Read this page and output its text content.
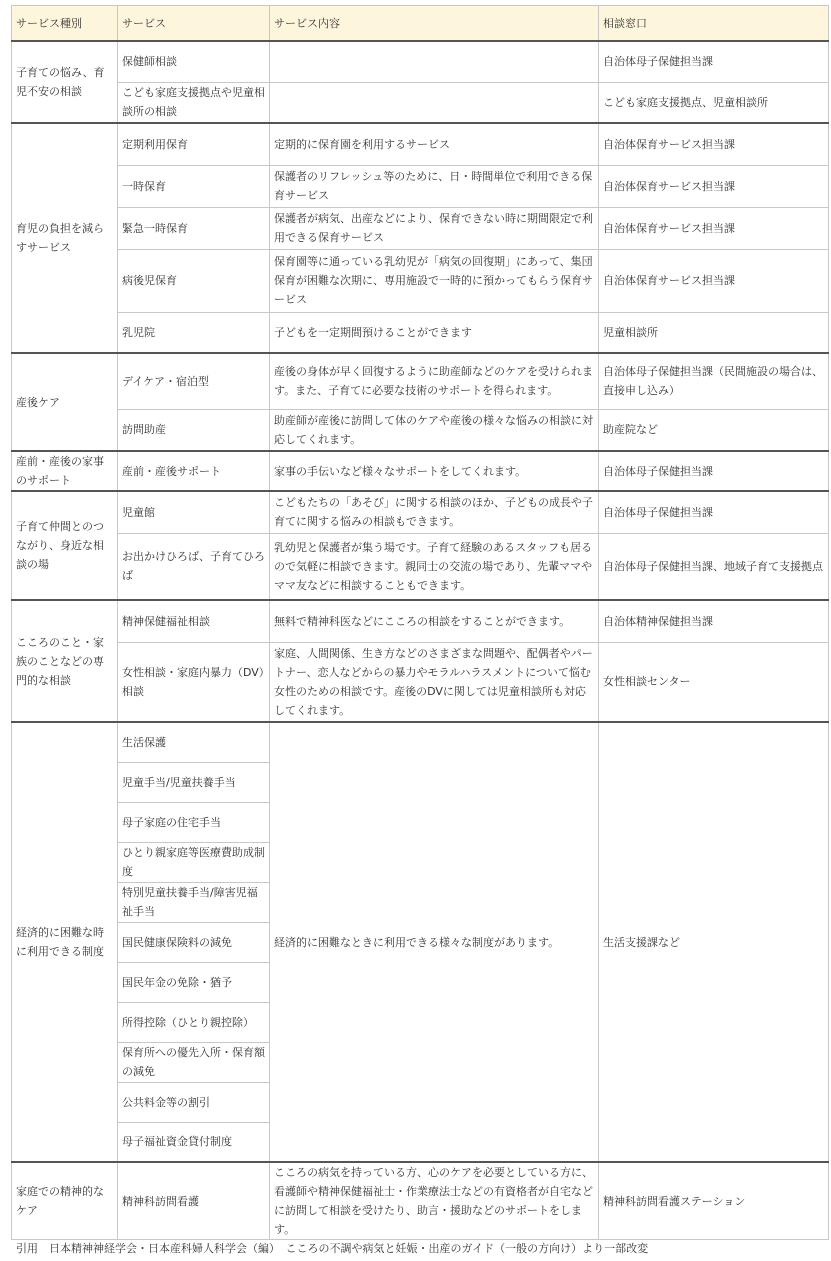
サービス種別	サービス	サービス内容	相談窓口
子育ての悩み、育児不安の相談	保健師相談		自治体母子保健担当課
	こども家庭支援拠点や児童相談所の相談		こども家庭支援拠点、児童相談所
育児の負担を減らすサービス	定期利用保育	定期的に保育園を利用するサービス	自治体保育サービス担当課
	一時保育	保護者のリフレッシュ等のために、日・時間単位で利用できる保育サービス	自治体保育サービス担当課
	緊急一時保育	保護者が病気、出産などにより、保育できない時に期間限定で利用できる保育サービス	自治体保育サービス担当課
	病後児保育	保育園等に通っている乳幼児が「病気の回復期」にあって、集団保育が困難な次期に、専用施設で一時的に預かってもらう保育サービス	自治体保育サービス担当課
	乳児院	子どもを一定期間預けることができます	児童相談所
産後ケア	デイケア・宿泊型	産後の身体が早く回復するように助産師などのケアを受けられます。また、子育てに必要な技術のサポートを得られます。	自治体母子保健担当課（民間施設の場合は、直接申し込み）
	訪問助産	助産師が産後に訪問して体のケアや産後の様々な悩みの相談に対応してくれます。	助産院など
産前・産後の家事のサポート	産前・産後サポート	家事の手伝いなど様々なサポートをしてくれます。	自治体母子保健担当課
子育て仲間とのつながり、身近な相談の場	児童館	こどもたちの「あそび」に関する相談のほか、子どもの成長や子育てに関する悩みの相談もできます。	自治体母子保健担当課
	お出かけひろば、子育てひろば	乳幼児と保護者が集う場です。子育て経験のあるスタッフも居るので気軽に相談できます。親同士の交流の場であり、先輩ママやママ友などに相談することもできます。	自治体母子保健担当課、地域子育て支援拠点
こころのこと・家族のことなどの専門的な相談	精神保健福祉相談	無料で精神科医などにこころの相談をすることができます。	自治体精神保健担当課
	女性相談・家庭内暴力（DV）相談	家庭、人間関係、生き方などのさまざまな問題や、配偶者やパートナー、恋人などからの暴力やモラルハラスメントについて悩む女性のための相談です。産後のDVに関しては児童相談所も対応してくれます。	女性相談センター
経済的に困難な時に利用できる制度	生活保護	経済的に困難なときに利用できる様々な制度があります。	生活支援課など
	児童手当/児童扶養手当		
	母子家庭の住宅手当		
	ひとり親家庭等医療費助成制度		
	特別児童扶養手当/障害児福祉手当		
	国民健康保険料の減免		
	国民年金の免除・猶予		
	所得控除（ひとり親控除）		
	保育所への優先入所・保育額の減免		
	公共料金等の割引		
	母子福祉資金貸付制度		
家庭での精神的なケア	精神科訪問看護	こころの病気を持っている方、心のケアを必要としている方に、看護師や精神保健福祉士・作業療法士などの有資格者が自宅などに訪問して相談を受けたり、助言・援助などのサポートをします。	精神科訪問看護ステーション
引用　日本精神神経学会・日本産科婦人科学会（編）　こころの不調や病気と妊娠・出産のガイド（一般の方向け）より一部改変
